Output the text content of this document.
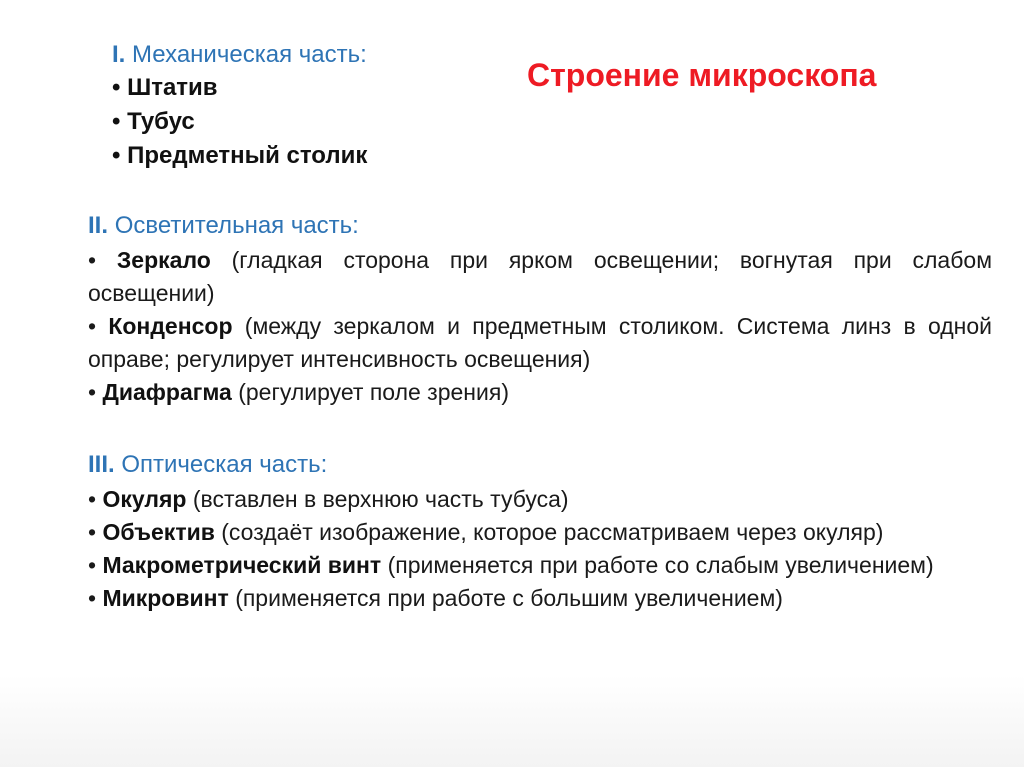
Строение микроскопа
I. Механическая часть:
• Штатив
• Тубус
• Предметный столик
II. Осветительная часть:

• Зеркало (гладкая сторона при ярком освещении; вогнутая при слабом освещении)

• Конденсор (между зеркалом и предметным столиком. Система линз в одной оправе; регулирует интенсивность освещения)

• Диафрагма (регулирует поле зрения)

III. Оптическая часть:

• Окуляр (вставлен в верхнюю часть тубуса)

• Объектив (создаёт изображение, которое рассматриваем через окуляр)

• Макрометрический винт (применяется при работе со слабым увеличением)

• Микровинт (применяется при работе с большим увеличением)
